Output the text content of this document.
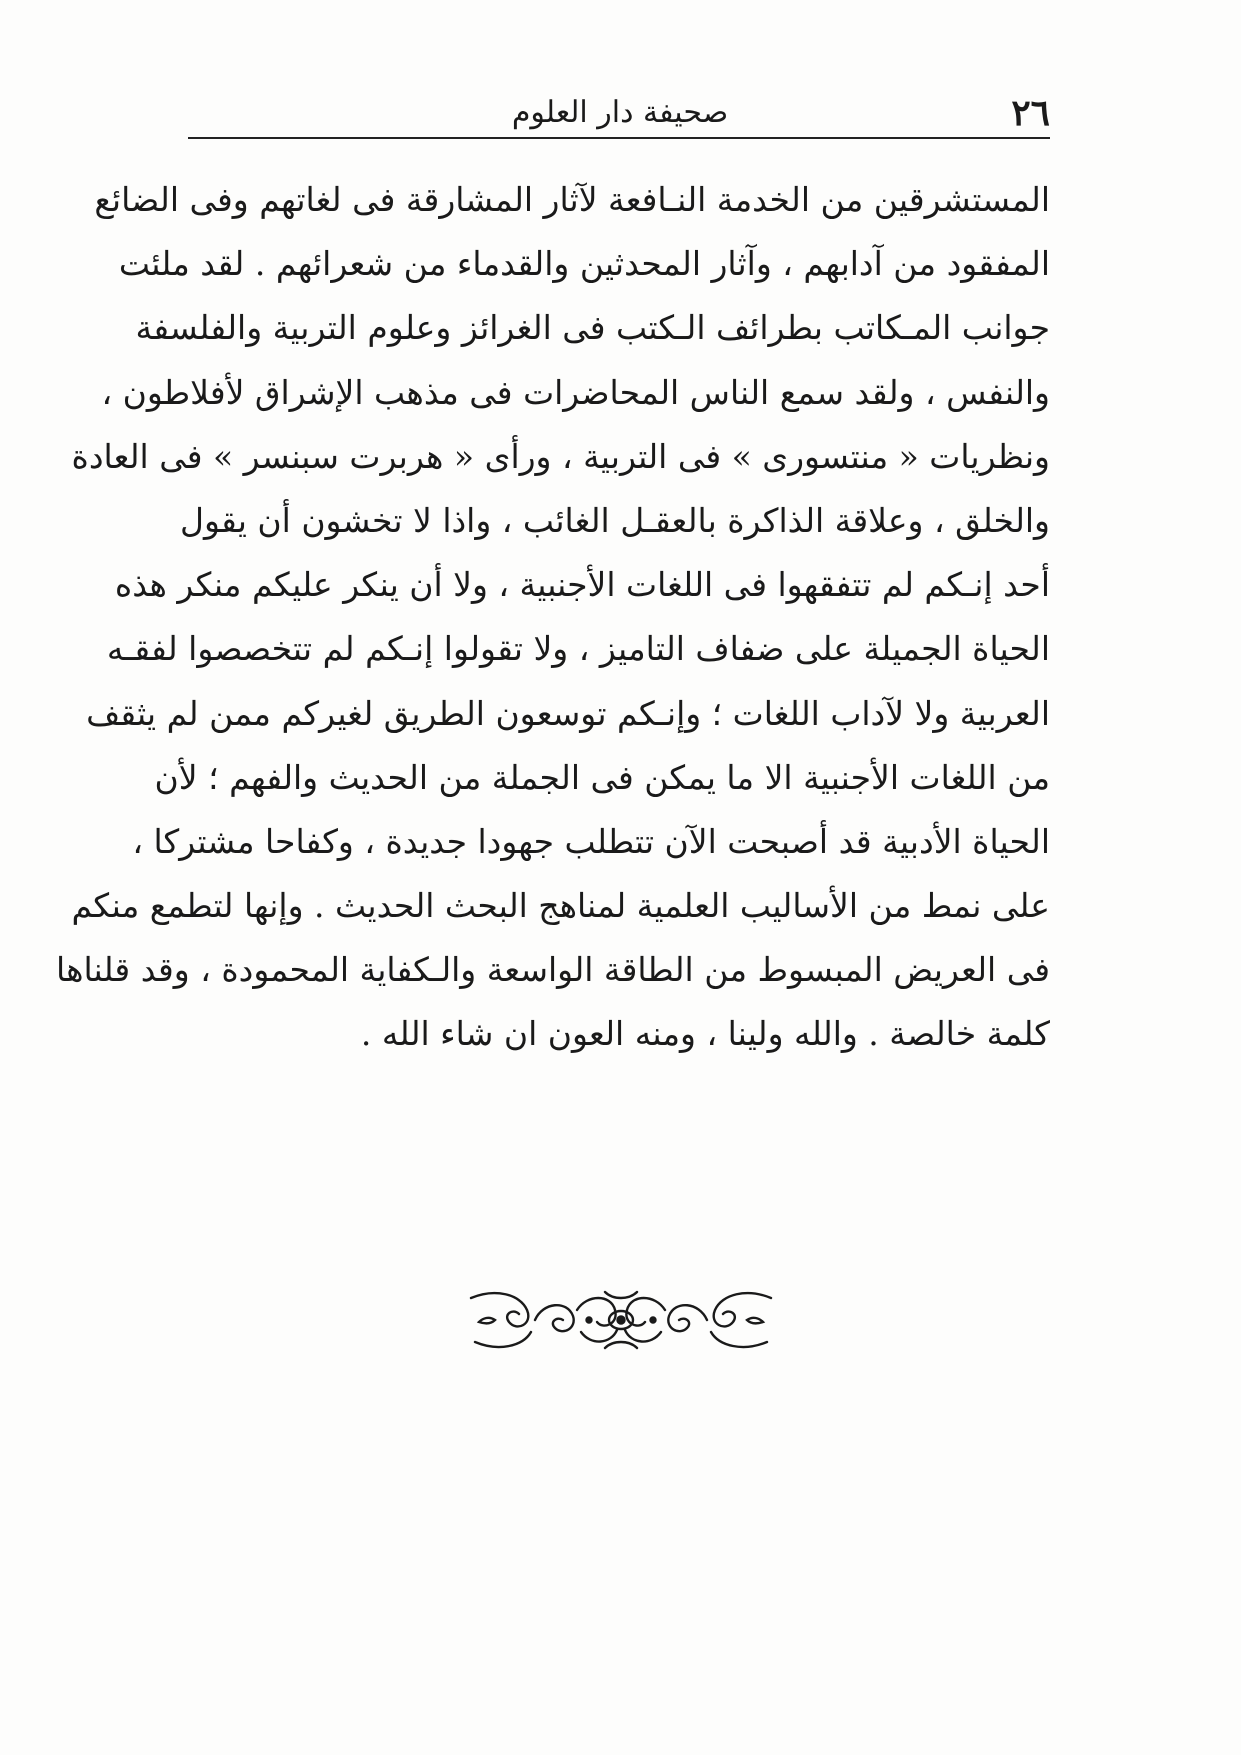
٢٦
صحيفة دار العلوم
المستشرقين من الخدمة النـافعة لآثار المشارقة فى لغاتهم وفى الضائع
المفقود من آدابهم ، وآثار المحدثين والقدماء من شعرائهم . لقد ملئت
جوانب المـكاتب بطرائف الـكتب فى الغرائز وعلوم التربية والفلسفة
والنفس ، ولقد سمع الناس المحاضرات فى مذهب الإشراق لأفلاطون ،
ونظريات « منتسورى » فى التربية ، ورأى « هربرت سبنسر » فى العادة
والخلق ، وعلاقة الذاكرة بالعقـل الغائب ، واذا لا تخشون أن يقول
أحد إنـكم لم تتفقهوا فى اللغات الأجنبية ، ولا أن ينكر عليكم منكر هذه
الحياة الجميلة على ضفاف التاميز ، ولا تقولوا إنـكم لم تتخصصوا لفقـه
العربية ولا لآداب اللغات ؛ وإنـكم توسعون الطريق لغيركم ممن لم يثقف
من اللغات الأجنبية الا ما يمكن فى الجملة من الحديث والفهم ؛ لأن
الحياة الأدبية قد أصبحت الآن تتطلب جهودا جديدة ، وكفاحا مشتركا ،
على نمط من الأساليب العلمية لمناهج البحث الحديث . وإنها لتطمع منكم
فى العريض المبسوط من الطاقة الواسعة والـكفاية المحمودة ، وقد قلناها
كلمة خالصة . والله ولينا ، ومنه العون ان شاء الله .
